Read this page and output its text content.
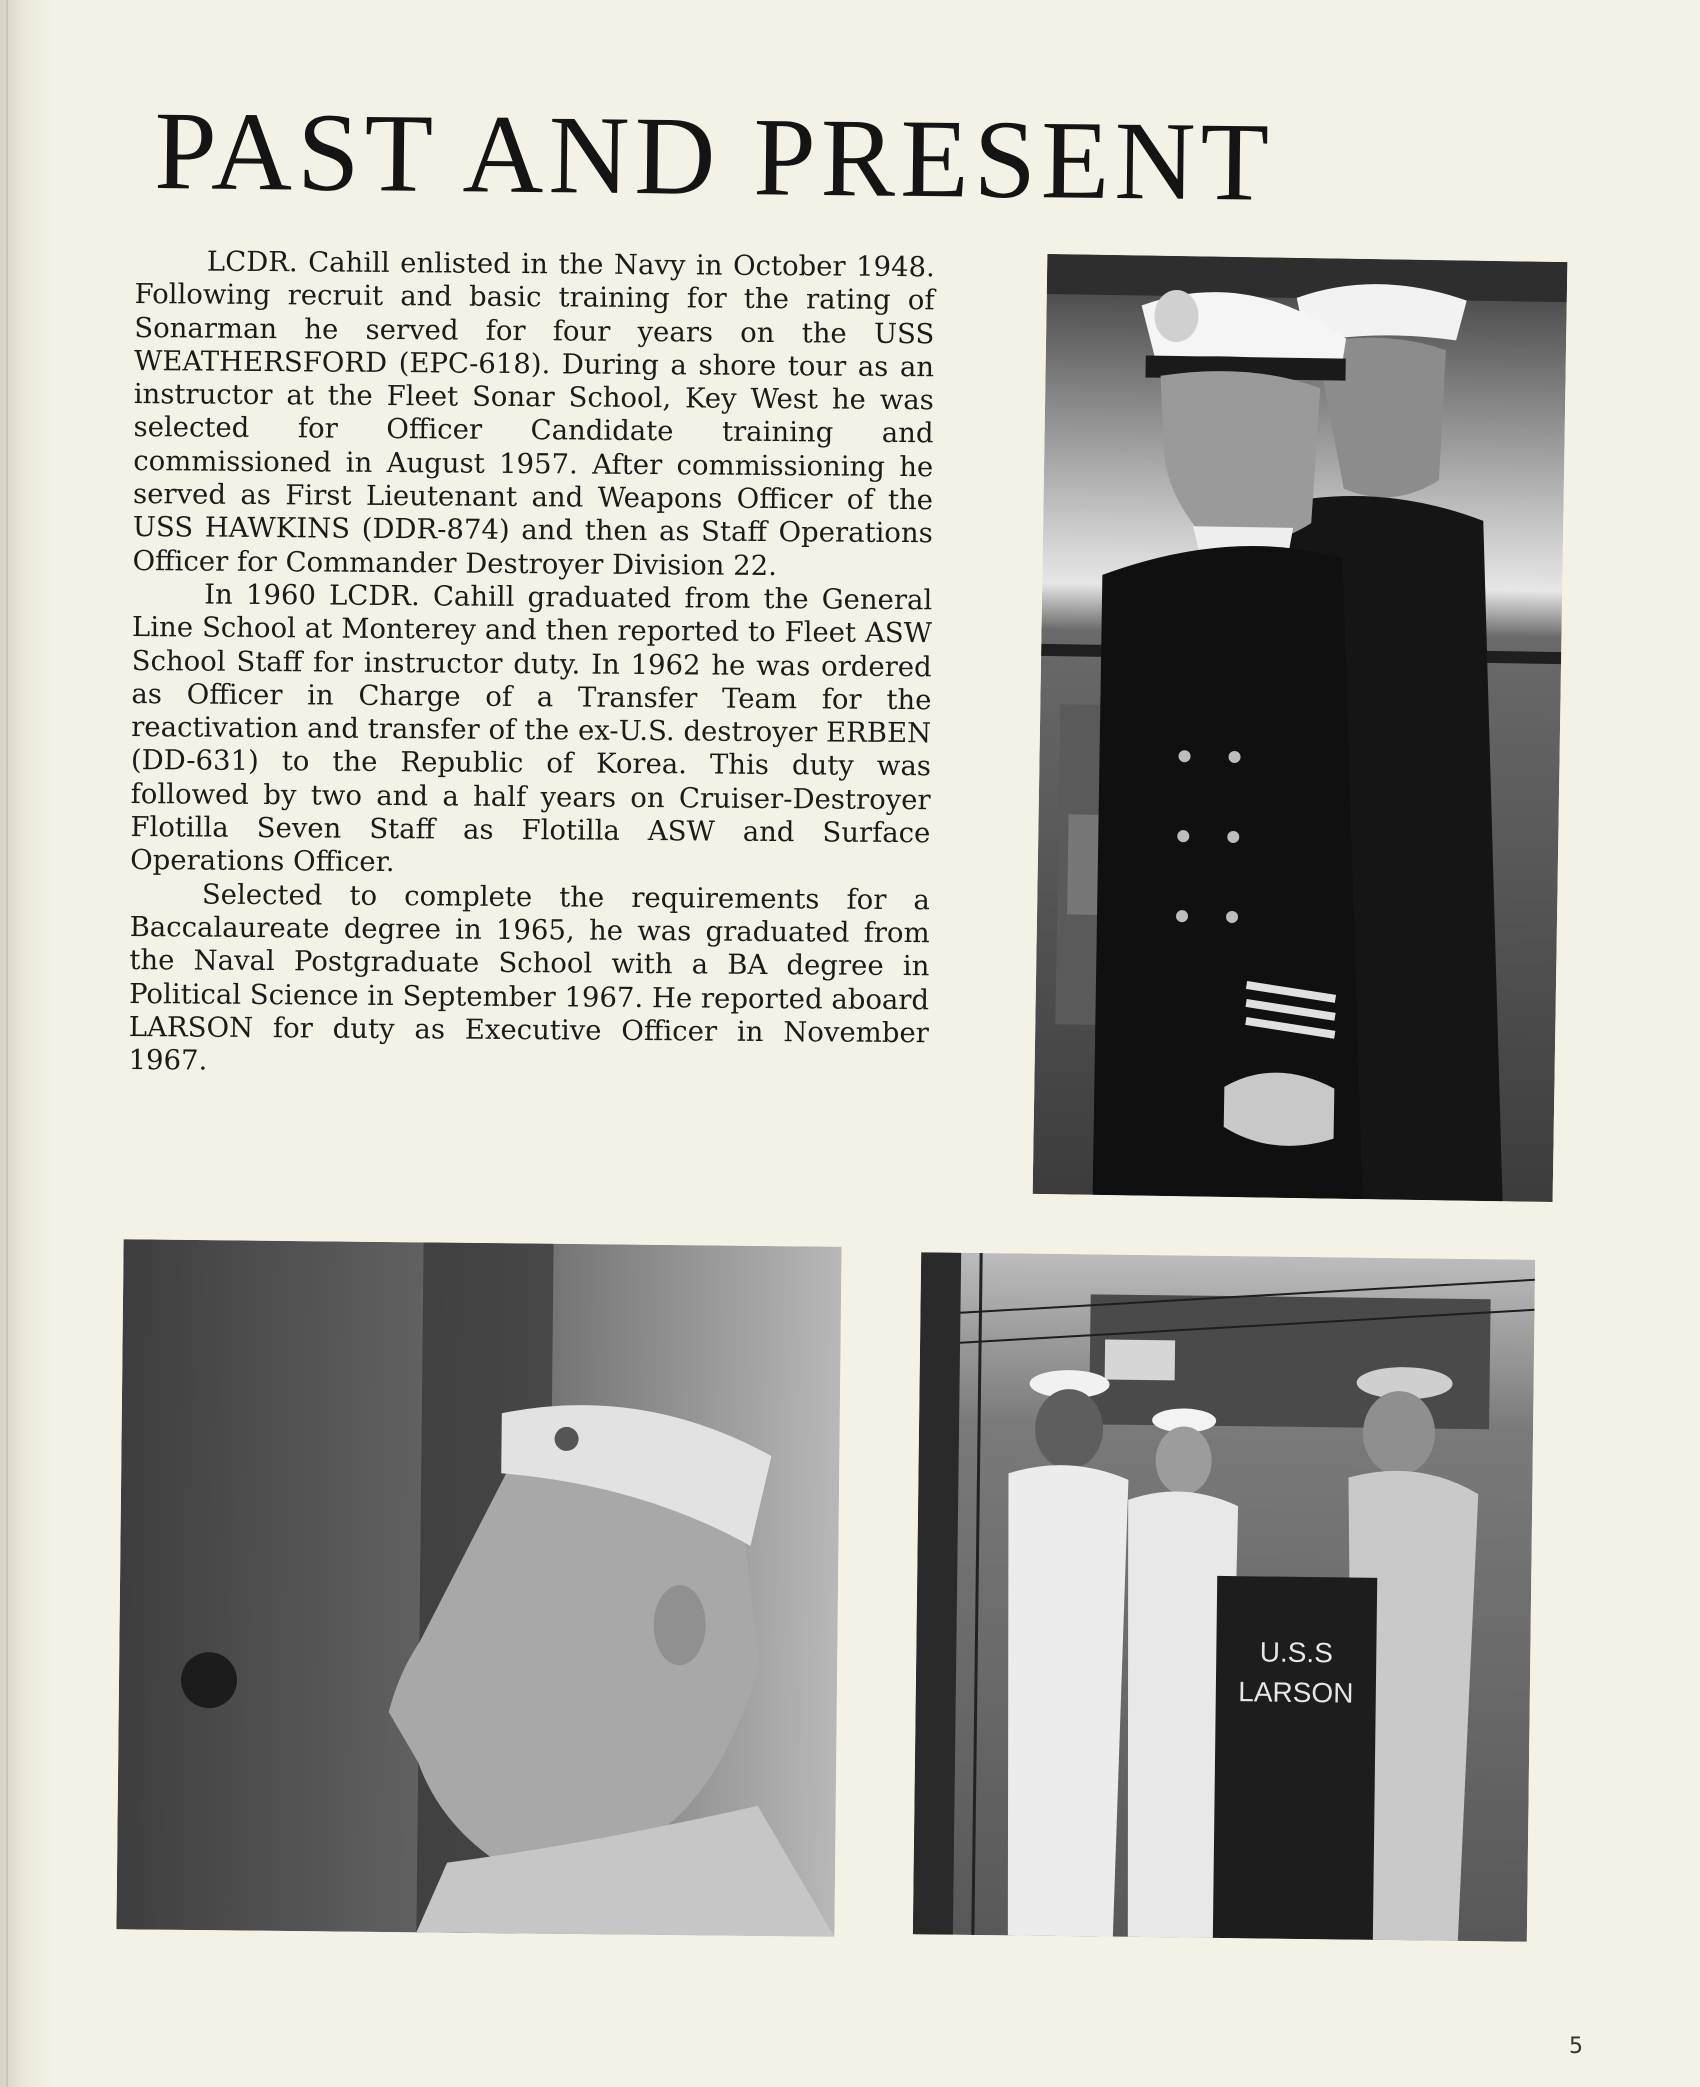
PAST AND PRESENT

LCDR. Cahill enlisted in the Navy in October 1948. Following recruit and basic training for the rating of Sonarman he served for four years on the USS WEATHERSFORD (EPC-618). During a shore tour as an instructor at the Fleet Sonar School, Key West he was selected for Officer Candidate training and commissioned in August 1957. After commissioning he served as First Lieutenant and Weapons Officer of the USS HAWKINS (DDR-874) and then as Staff Operations Officer for Commander Destroyer Division 22.

In 1960 LCDR. Cahill graduated from the General Line School at Monterey and then reported to Fleet ASW School Staff for instructor duty. In 1962 he was ordered as Officer in Charge of a Transfer Team for the reactivation and transfer of the ex-U.S. destroyer ERBEN (DD-631) to the Republic of Korea. This duty was followed by two and a half years on Cruiser-Destroyer Flotilla Seven Staff as Flotilla ASW and Surface Operations Officer.

Selected to complete the requirements for a Baccalaureate degree in 1965, he was graduated from the Naval Postgraduate School with a BA degree in Political Science in September 1967. He reported aboard LARSON for duty as Executive Officer in November 1967.

U.S.S
LARSON
5
